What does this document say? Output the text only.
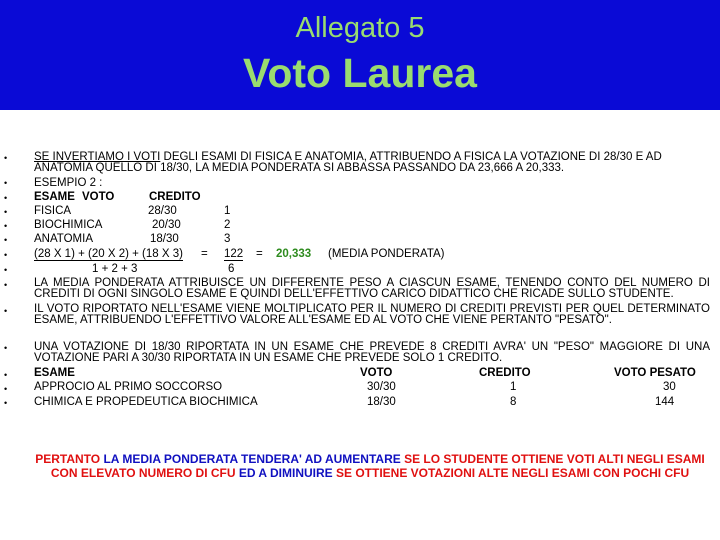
Allegato 5
Voto Laurea
•
•
•
•
•
•
•
•
•
•
•
•
•
•
SE INVERTIAMO I VOTI DEGLI ESAMI DI FISICA E ANATOMIA, ATTRIBUENDO A FISICA LA VOTAZIONE DI 28/30 E AD
ANATOMIA QUELLO DI 18/30, LA MEDIA PONDERATA SI ABBASSA PASSANDO DA 23,666 A 20,333.
ESEMPIO 2 :
ESAME VOTO	CREDITO
FISICA	28/30	1
BIOCHIMICA	20/30	2
ANATOMIA	18/30	3
(28 X 1) + (20 X 2) + (18 X 3) = 122 = 20,333 (MEDIA PONDERATA)
1 + 2 + 3	6
LA MEDIA PONDERATA ATTRIBUISCE UN DIFFERENTE PESO A CIASCUN ESAME, TENENDO CONTO DEL NUMERO DI CREDITI DI OGNI SINGOLO ESAME E QUINDI DELL'EFFETTIVO CARICO DIDATTICO CHE RICADE SULLO STUDENTE.
IL VOTO RIPORTATO NELL'ESAME VIENE MOLTIPLICATO PER IL NUMERO DI CREDITI PREVISTI PER QUEL DETERMINATO ESAME, ATTRIBUENDO L'EFFETTIVO VALORE ALL'ESAME ED AL VOTO CHE VIENE PERTANTO "PESATO".
UNA VOTAZIONE DI 18/30 RIPORTATA IN UN ESAME CHE PREVEDE 8 CREDITI AVRA' UN "PESO" MAGGIORE DI UNA VOTAZIONE PARI A 30/30 RIPORTATA IN UN ESAME CHE PREVEDE SOLO 1 CREDITO.
ESAME	VOTO	CREDITO	VOTO PESATO
APPROCIO AL PRIMO SOCCORSO	30/30	1	30
CHIMICA E PROPEDEUTICA BIOCHIMICA	18/30	8	144
PERTANTO LA MEDIA PONDERATA TENDERA' AD AUMENTARE SE LO STUDENTE OTTIENE VOTI ALTI NEGLI ESAMI CON ELEVATO NUMERO DI CFU ED A DIMINUIRE SE OTTIENE VOTAZIONI ALTE NEGLI ESAMI CON POCHI CFU
